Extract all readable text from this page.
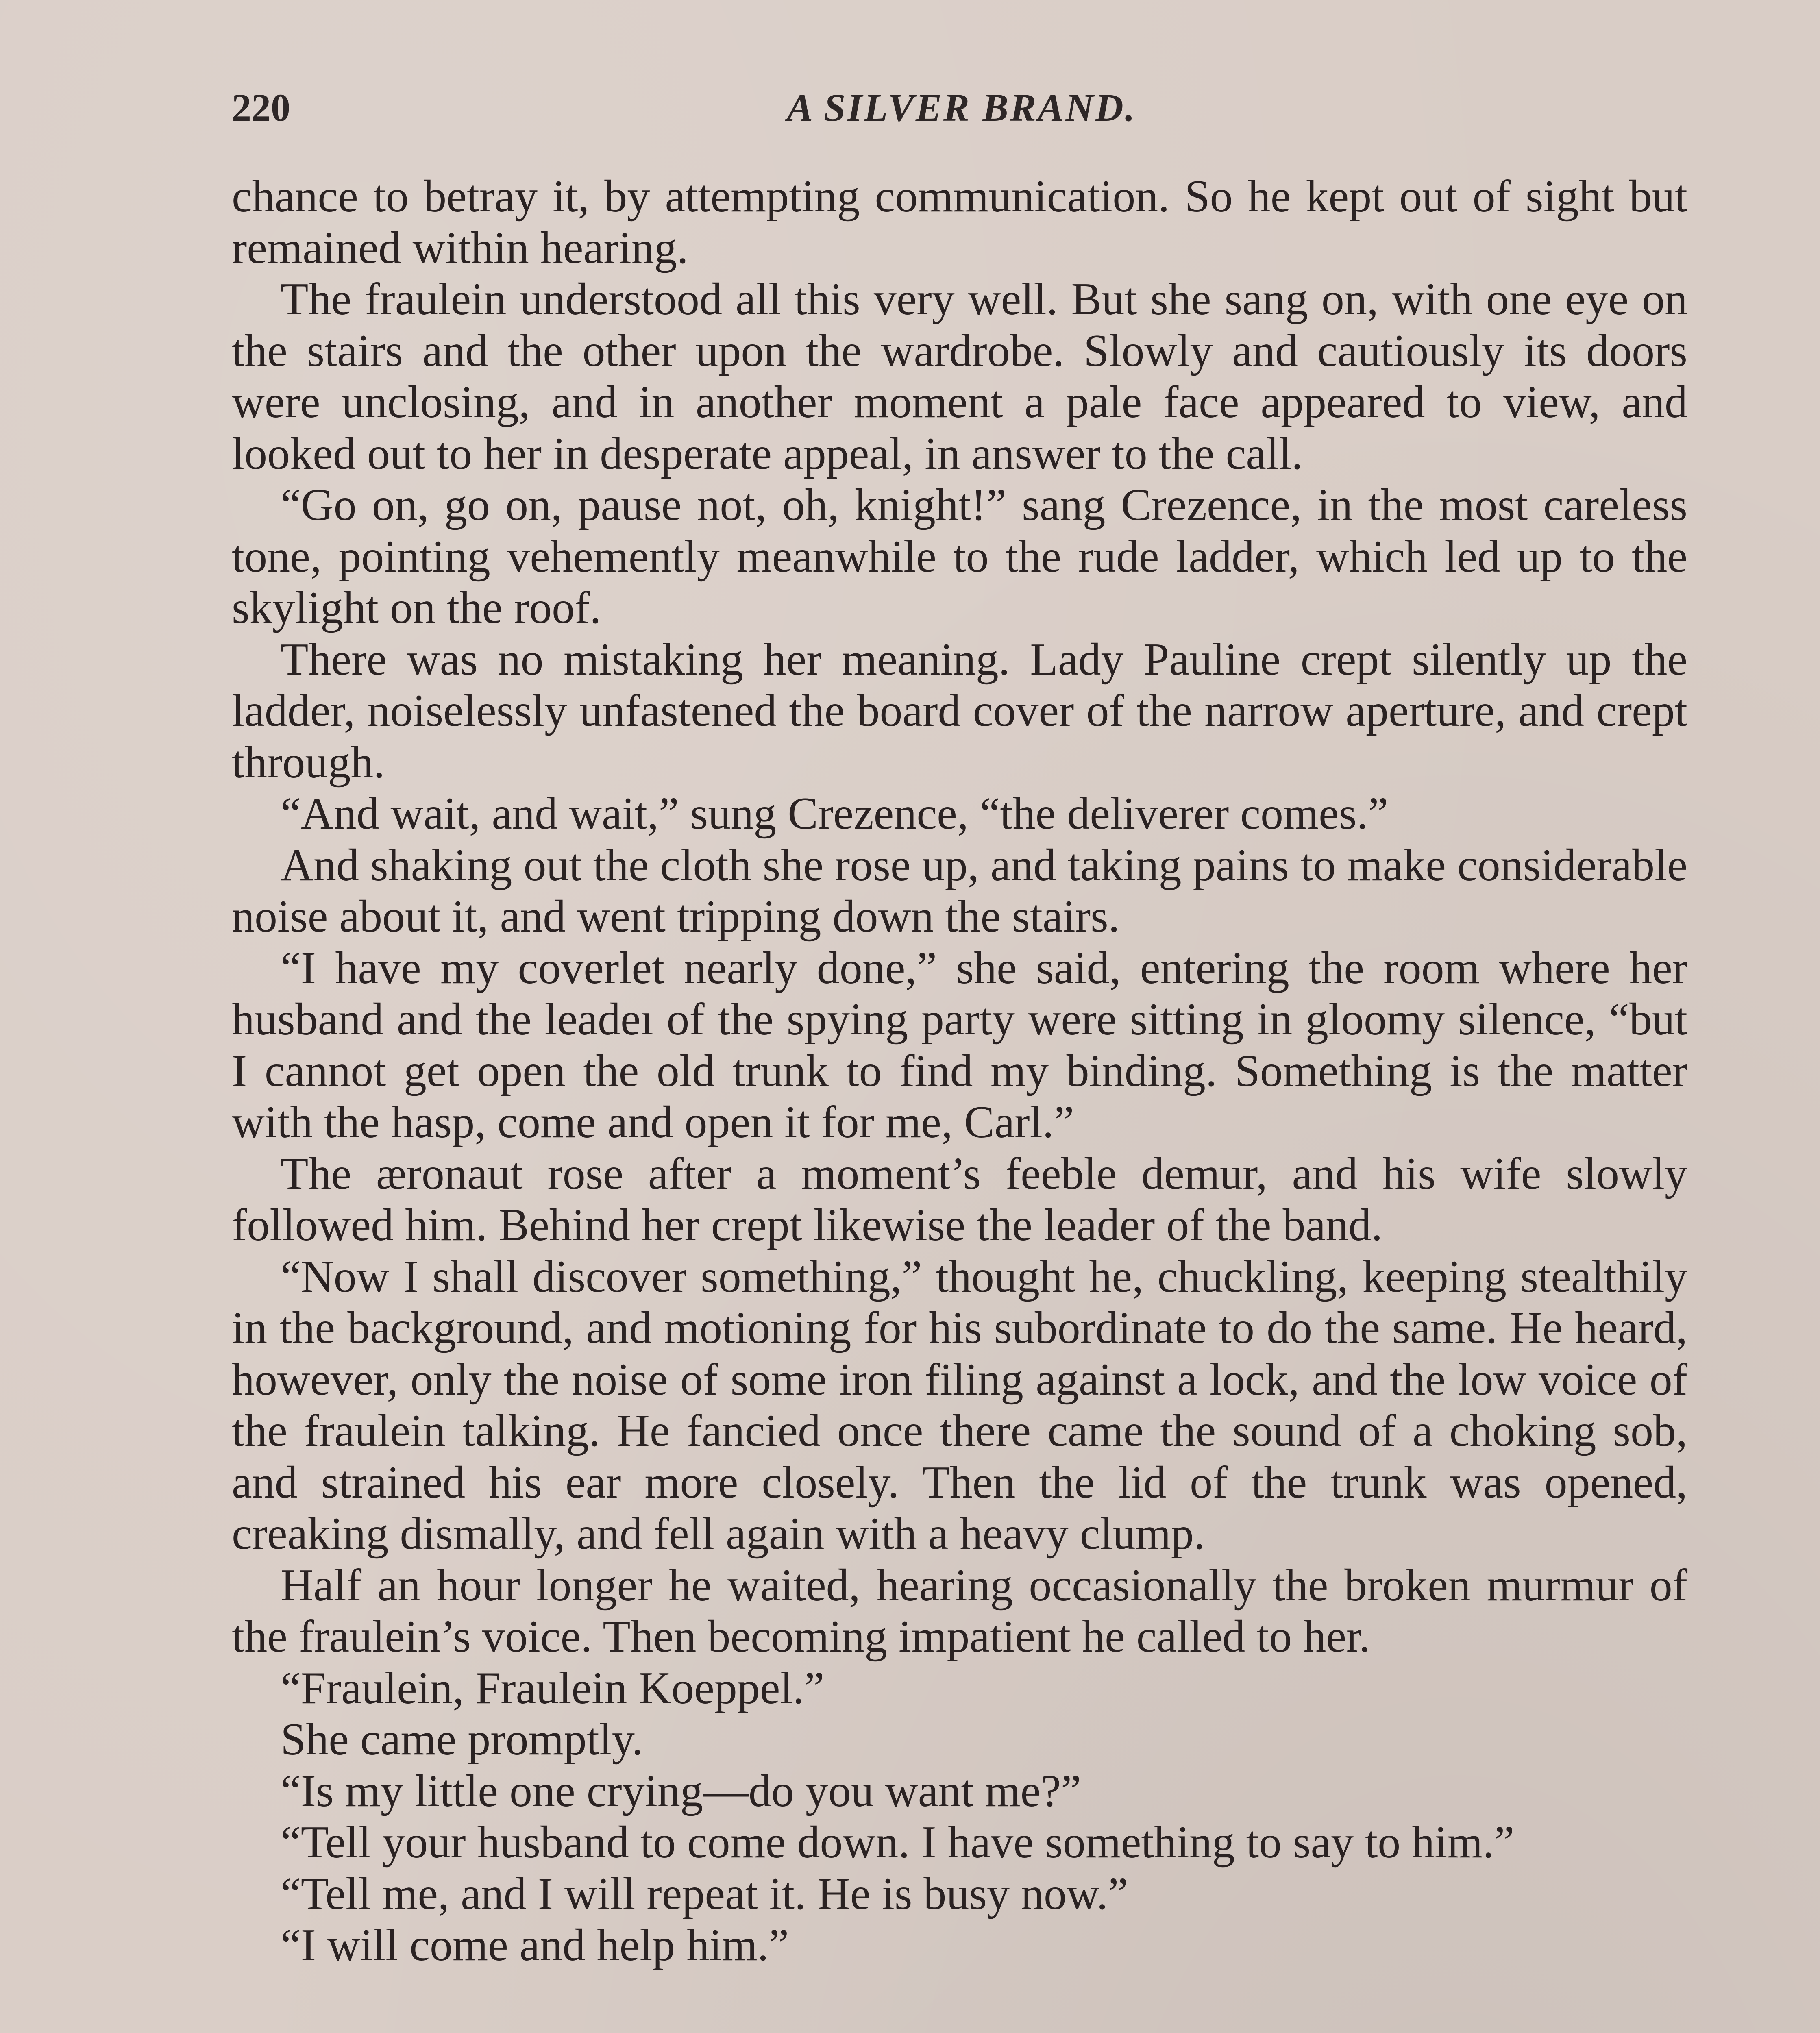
220	A SILVER BRAND.

chance to betray it, by attempting communication. So he kept out of sight but remained within hearing.

The fraulein understood all this very well. But she sang on, with one eye on the stairs and the other upon the wardrobe. Slowly and cautiously its doors were unclosing, and in another moment a pale face appeared to view, and looked out to her in desperate appeal, in answer to the call.

“Go on, go on, pause not, oh, knight!” sang Crezence, in the most careless tone, pointing vehemently meanwhile to the rude ladder, which led up to the skylight on the roof.

There was no mistaking her meaning. Lady Pauline crept silently up the ladder, noiselessly unfastened the board cover of the narrow aperture, and crept through.

“And wait, and wait,” sung Crezence, “the deliverer comes.”

And shaking out the cloth she rose up, and taking pains to make considerable noise about it, and went tripping down the stairs.

“I have my coverlet nearly done,” she said, entering the room where her husband and the leadeı of the spying party were sitting in gloomy silence, “but I cannot get open the old trunk to find my binding. Something is the matter with the hasp, come and open it for me, Carl.”

The æronaut rose after a moment’s feeble demur, and his wife slowly followed him. Behind her crept likewise the leader of the band.

“Now I shall discover something,” thought he, chuckling, keeping stealthily in the background, and motioning for his subordinate to do the same. He heard, however, only the noise of some iron filing against a lock, and the low voice of the fraulein talking. He fancied once there came the sound of a choking sob, and strained his ear more closely. Then the lid of the trunk was opened, creaking dismally, and fell again with a heavy clump.

Half an hour longer he waited, hearing occasionally the broken murmur of the fraulein’s voice. Then becoming impatient he called to her.

“Fraulein, Fraulein Koeppel.”

She came promptly.

“Is my little one crying—do you want me?”

“Tell your husband to come down. I have something to say to him.”

“Tell me, and I will repeat it. He is busy now.”

“I will come and help him.”
